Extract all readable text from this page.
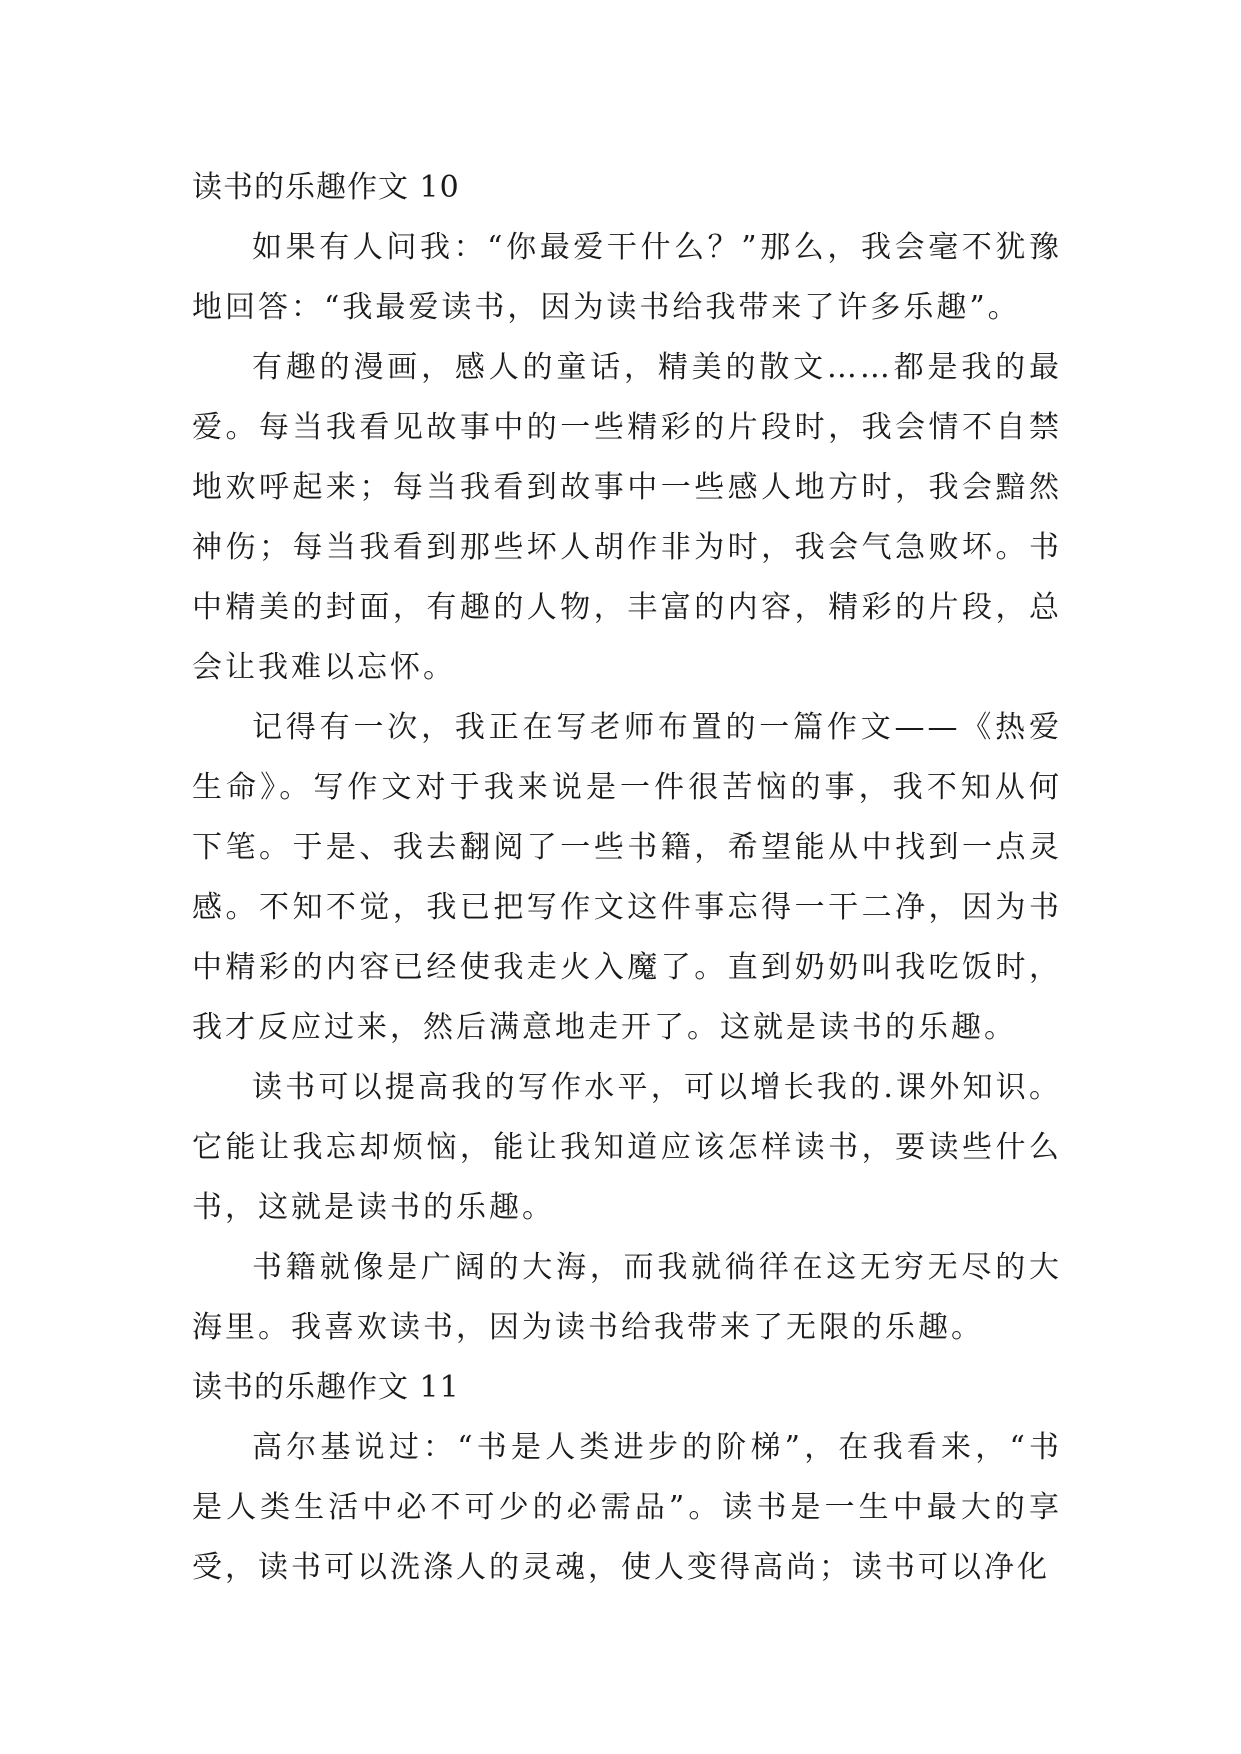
读书的乐趣作文 10

如果有人问我：“你最爱干什么？”那么，我会毫不犹豫地回答：“我最爱读书，因为读书给我带来了许多乐趣”。

有趣的漫画，感人的童话，精美的散文……都是我的最爱。每当我看见故事中的一些精彩的片段时，我会情不自禁地欢呼起来；每当我看到故事中一些感人地方时，我会黯然神伤；每当我看到那些坏人胡作非为时，我会气急败坏。书中精美的封面，有趣的人物，丰富的内容，精彩的片段，总会让我难以忘怀。

记得有一次，我正在写老师布置的一篇作文——《热爱生命》。写作文对于我来说是一件很苦恼的事，我不知从何下笔。于是、我去翻阅了一些书籍，希望能从中找到一点灵感。不知不觉，我已把写作文这件事忘得一干二净，因为书中精彩的内容已经使我走火入魔了。直到奶奶叫我吃饭时，我才反应过来，然后满意地走开了。这就是读书的乐趣。

读书可以提高我的写作水平，可以增长我的.课外知识。它能让我忘却烦恼，能让我知道应该怎样读书，要读些什么书，这就是读书的乐趣。

书籍就像是广阔的大海，而我就徜徉在这无穷无尽的大海里。我喜欢读书，因为读书给我带来了无限的乐趣。

读书的乐趣作文 11

高尔基说过：“书是人类进步的阶梯”，在我看来，“书是人类生活中必不可少的必需品”。读书是一生中最大的享受，读书可以洗涤人的灵魂，使人变得高尚；读书可以净化
